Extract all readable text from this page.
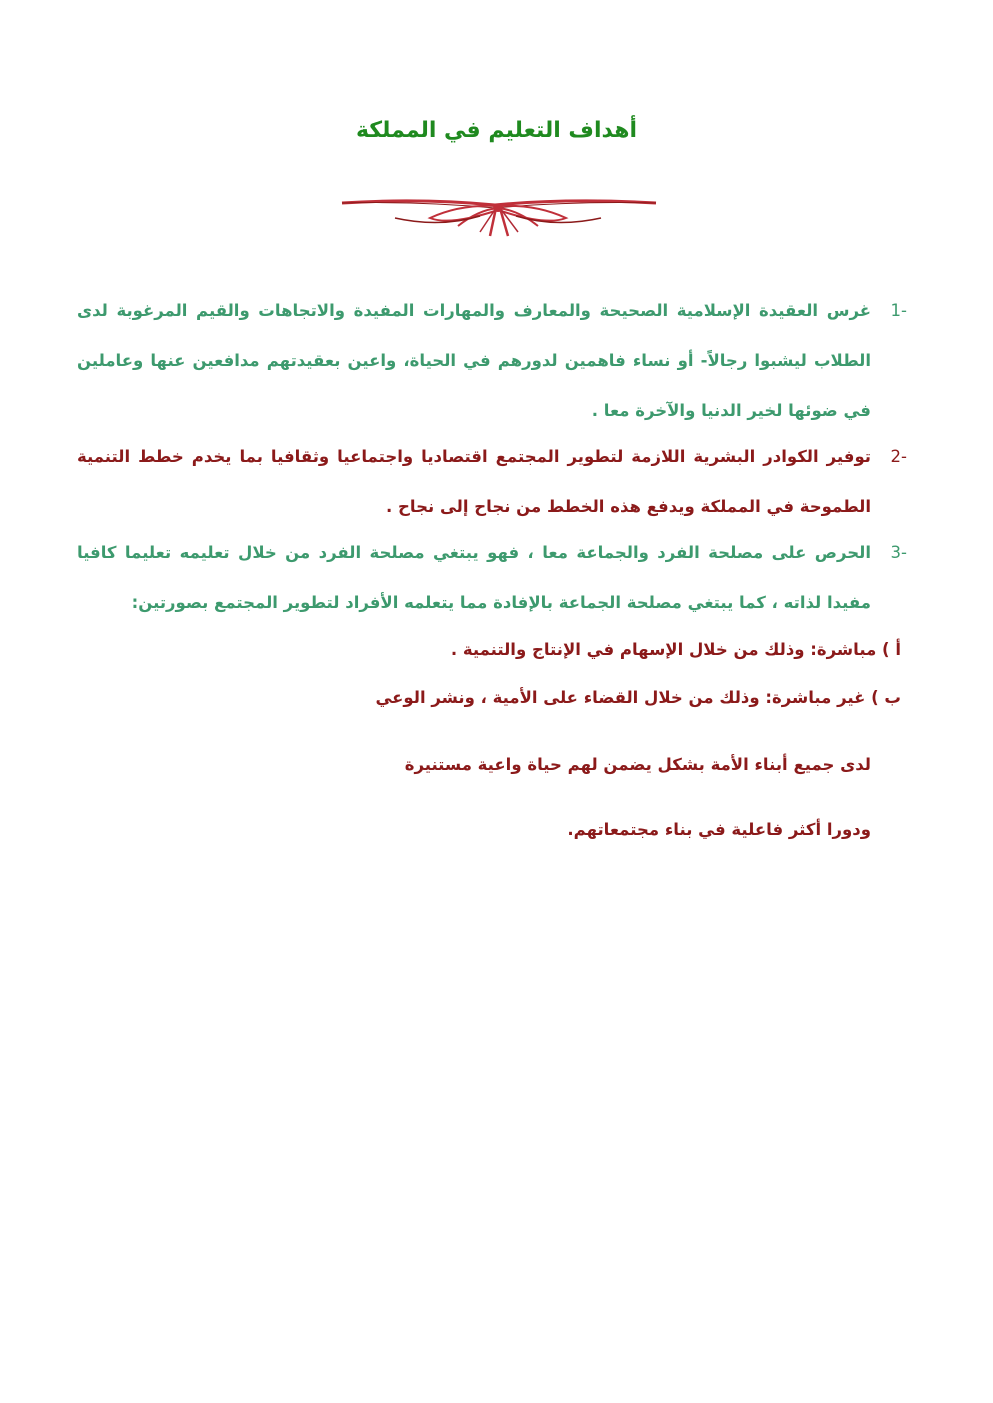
أهداف التعليم في المملكة
1-
غرس العقيدة الإسلامية الصحيحة والمعارف والمهارات المفيدة والاتجاهات والقيم المرغوبة لدى الطلاب ليشبوا رجالاً- أو نساء فاهمين لدورهم في الحياة، واعين بعقيدتهم مدافعين عنها وعاملين في ضوئها لخير الدنيا والآخرة معا .
2-
توفير الكوادر البشرية اللازمة لتطوير المجتمع اقتصاديا واجتماعيا وثقافيا بما يخدم خطط التنمية الطموحة في المملكة ويدفع هذه الخطط من نجاح إلى نجاح .
3-
الحرص على مصلحة الفرد والجماعة معا ، فهو يبتغي مصلحة الفرد من خلال تعليمه تعليما كافيا مفيدا لذاته ، كما يبتغي مصلحة الجماعة بالإفادة مما يتعلمه الأفراد لتطوير المجتمع بصورتين:
أ ) مباشرة: وذلك من خلال الإسهام في الإنتاج والتنمية .
ب ) غير مباشرة: وذلك من خلال القضاء على الأمية ، ونشر الوعي
لدى جميع أبناء الأمة بشكل يضمن لهم حياة واعية مستنيرة
ودورا أكثر فاعلية في بناء مجتمعاتهم.
